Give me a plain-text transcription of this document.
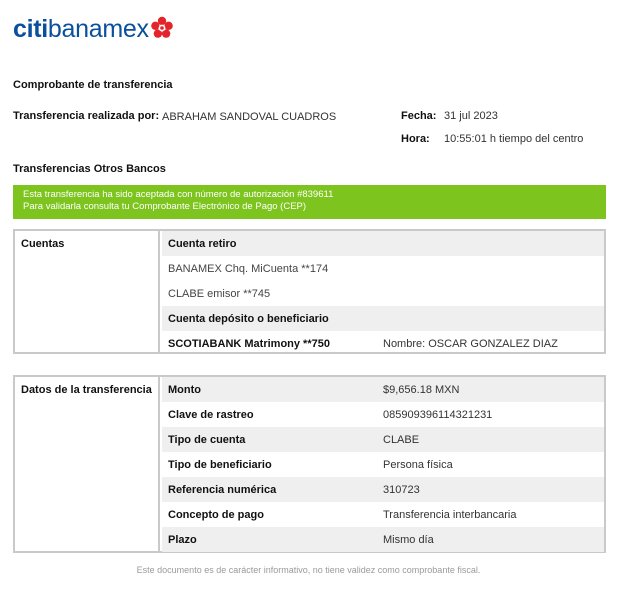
citibanamex
Comprobante de transferencia
Transferencia realizada por: ABRAHAM SANDOVAL CUADROS	Fecha: 31 jul 2023
Hora: 10:55:01 h tiempo del centro
Transferencias Otros Bancos
Esta transferencia ha sido aceptada con número de autorización #839611
Para validarla consulta tu Comprobante Electrónico de Pago (CEP)
Cuentas	Cuenta retiro
BANAMEX Chq. MiCuenta **174
CLABE emisor **745
Cuenta depósito o beneficiario
SCOTIABANK Matrimony **750	Nombre: OSCAR GONZALEZ DIAZ
Datos de la transferencia	Monto	$9,656.18 MXN
Clave de rastreo	085909396114321231
Tipo de cuenta	CLABE
Tipo de beneficiario	Persona física
Referencia numérica	310723
Concepto de pago	Transferencia interbancaria
Plazo	Mismo día
Este documento es de carácter informativo, no tiene validez como comprobante fiscal.
